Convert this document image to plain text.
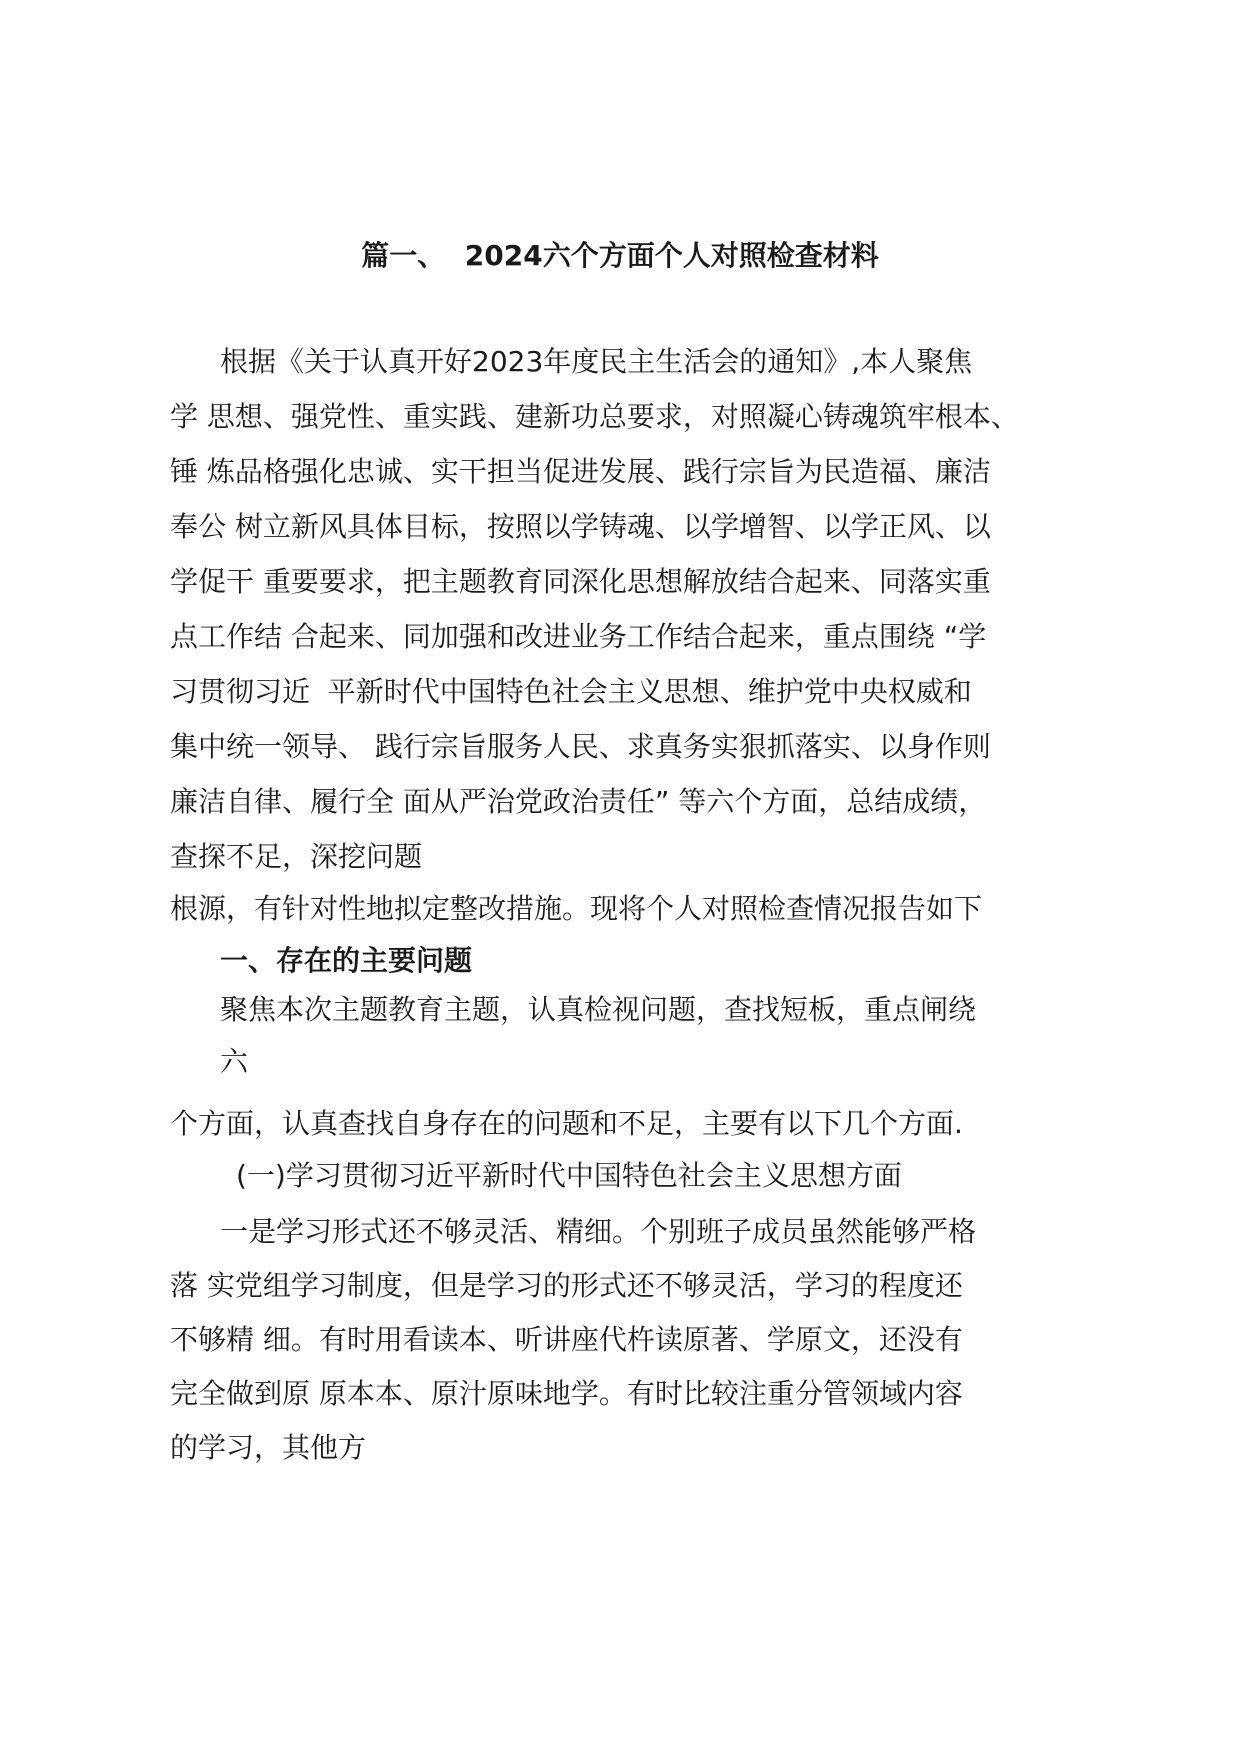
篇一、  2024六个方面个人对照检查材料
根据《关于认真开好2023年度民主生活会的通知》,本人聚焦
学 思想、强党性、重实践、建新功总要求，对照凝心铸魂筑牢根本、
锤 炼品格强化忠诚、实干担当促进发展、践行宗旨为民造福、廉洁
奉公 树立新风具体目标，按照以学铸魂、以学增智、以学正风、以
学促干 重要要求，把主题教育同深化思想解放结合起来、同落实重
点工作结 合起来、同加强和改进业务工作结合起来，重点围绕 “学
习贯彻习近  平新时代中国特色社会主义思想、维护党中央权威和
集中统一领导、 践行宗旨服务人民、求真务实狠抓落实、以身作则
廉洁自律、履行全 面从严治党政治责任” 等六个方面，总结成绩，
查探不足，深挖问题
根源，有针对性地拟定整改措施。现将个人对照检查情况报告如下
一、存在的主要问题
聚焦本次主题教育主题，认真检视问题，查找短板，重点闸绕
六
个方面，认真查找自身存在的问题和不足，主要有以下几个方面.
(一)学习贯彻习近平新时代中国特色社会主义思想方面
一是学习形式还不够灵活、精细。个别班子成员虽然能够严格
落 实党组学习制度，但是学习的形式还不够灵活，学习的程度还
不够精 细。有时用看读本、听讲座代杵读原著、学原文，还没有
完全做到原 原本本、原汁原味地学。有时比较注重分管领域内容
的学习，其他方
